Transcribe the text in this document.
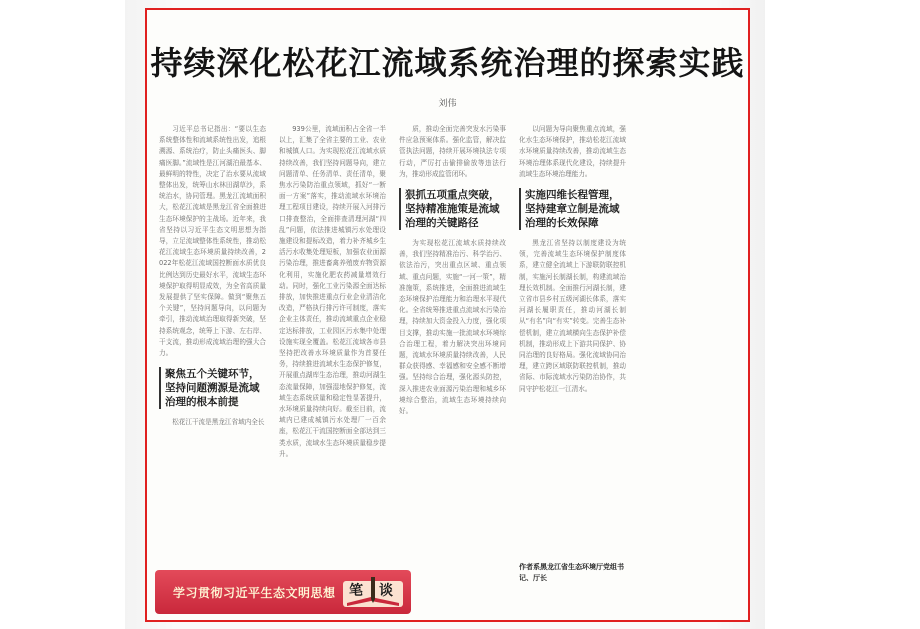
持续深化松花江流域系统治理的探索实践
刘伟

习近平总书记指出：“要以生态系统整体性和流域系统性出发，追根溯源、系统治疗，防止头痛医头、脚痛医脚。”流域性是江河湖泊最基本、最鲜明的特性，决定了治水要从流域整体出发，统筹山水林田湖草沙，系统治水，协同管理。黑龙江流域面积大，松花江流域是黑龙江省全面推进生态环境保护的主战场。近年来，我省坚持以习近平生态文明思想为指导，立足流域整体性系统性，推动松花江流域生态环境质量持续改善，2022年松花江流域国控断面水质优良比例达到历史最好水平，流域生态环境保护取得明显成效，为全省高质量发展提供了坚实保障。做到“聚焦五个关键”，坚持问题导向，以问题为牵引，推动流域治理取得新突破，坚持系统观念，统筹上下游、左右岸、干支流，推动形成流域治理的强大合力。

聚焦五个关键环节，坚持问题溯源是流域治理的根本前提

松花江干流是黑龙江省域内全长

939公里，流域面积占全省一半以上，汇集了全省主要的工业、农业和城镇人口。为实现松花江流域水质持续改善，我们坚持问题导向，建立问题清单、任务清单、责任清单，聚焦水污染防治重点领域，抓好“一断面一方案”落实，推动流域水环境治理工程项目建设，持续开展入河排污口排查整治，全面排查清理河湖“四乱”问题，依法推进城镇污水处理设施建设和提标改造，着力补齐城乡生活污水收集处理短板，加强农业面源污染治理，推进畜禽养殖废弃物资源化利用，实施化肥农药减量增效行动。同时，强化工业污染源全面达标排放，加快推进重点行业企业清洁化改造，严格执行排污许可制度，落实企业主体责任，推动流域重点企业稳定达标排放，工业园区污水集中处理设施实现全覆盖。松花江流域各市县坚持把改善水环境质量作为首要任务，持续推进流域水生态保护修复，开展重点湖库生态治理，推动河湖生态流量保障，加强湿地保护修复，流域生态系统质量和稳定性显著提升，水环境质量持续向好。截至目前，流域内已建成城镇污水处理厂一百余座，松花江干流国控断面全部达到三类水质，流域水生态环境质量稳步提升。

质，推动全面完善突发水污染事件应急预案体系。强化监管，解决监管执法问题，持续开展环境执法专项行动，严厉打击偷排偷放等违法行为，推动形成监管闭环。

狠抓五项重点突破，坚持精准施策是流域治理的关键路径

为实现松花江流域水质持续改善，我们坚持精准治污、科学治污、依法治污，突出重点区域、重点领域、重点问题，实施“一河一策”，精准施策，系统推进，全面推进流域生态环境保护治理能力和治理水平现代化。全省统筹推进重点流域水污染治理，持续加大资金投入力度，强化项目支撑，推动实施一批流域水环境综合治理工程，着力解决突出环境问题，流域水环境质量持续改善，人民群众获得感、幸福感和安全感不断增强。坚持综合治理，强化源头防控，深入推进农业面源污染治理和城乡环境综合整治，流域生态环境持续向好。

以问题为导向聚焦重点流域，强化水生态环境保护，推动松花江流域水环境质量持续改善，推动流域生态环境治理体系现代化建设，持续提升流域生态环境治理能力。

实施四维长程管理，坚持建章立制是流域治理的长效保障

黑龙江省坚持以制度建设为统领，完善流域生态环境保护制度体系，建立健全流域上下游联防联控机制，实施河长制湖长制，构建流域治理长效机制。全面推行河湖长制，建立省市县乡村五级河湖长体系，落实河湖长履职责任，推动河湖长制从“有名”向“有实”转变。完善生态补偿机制，建立流域横向生态保护补偿机制，推动形成上下游共同保护、协同治理的良好格局。强化流域协同治理，建立跨区域联防联控机制，推动省际、市际流域水污染防治协作，共同守护松花江一江清水。

作者系黑龙江省生态环境厅党组书记、厅长
学习贯彻习近平生态文明思想 笔 谈
